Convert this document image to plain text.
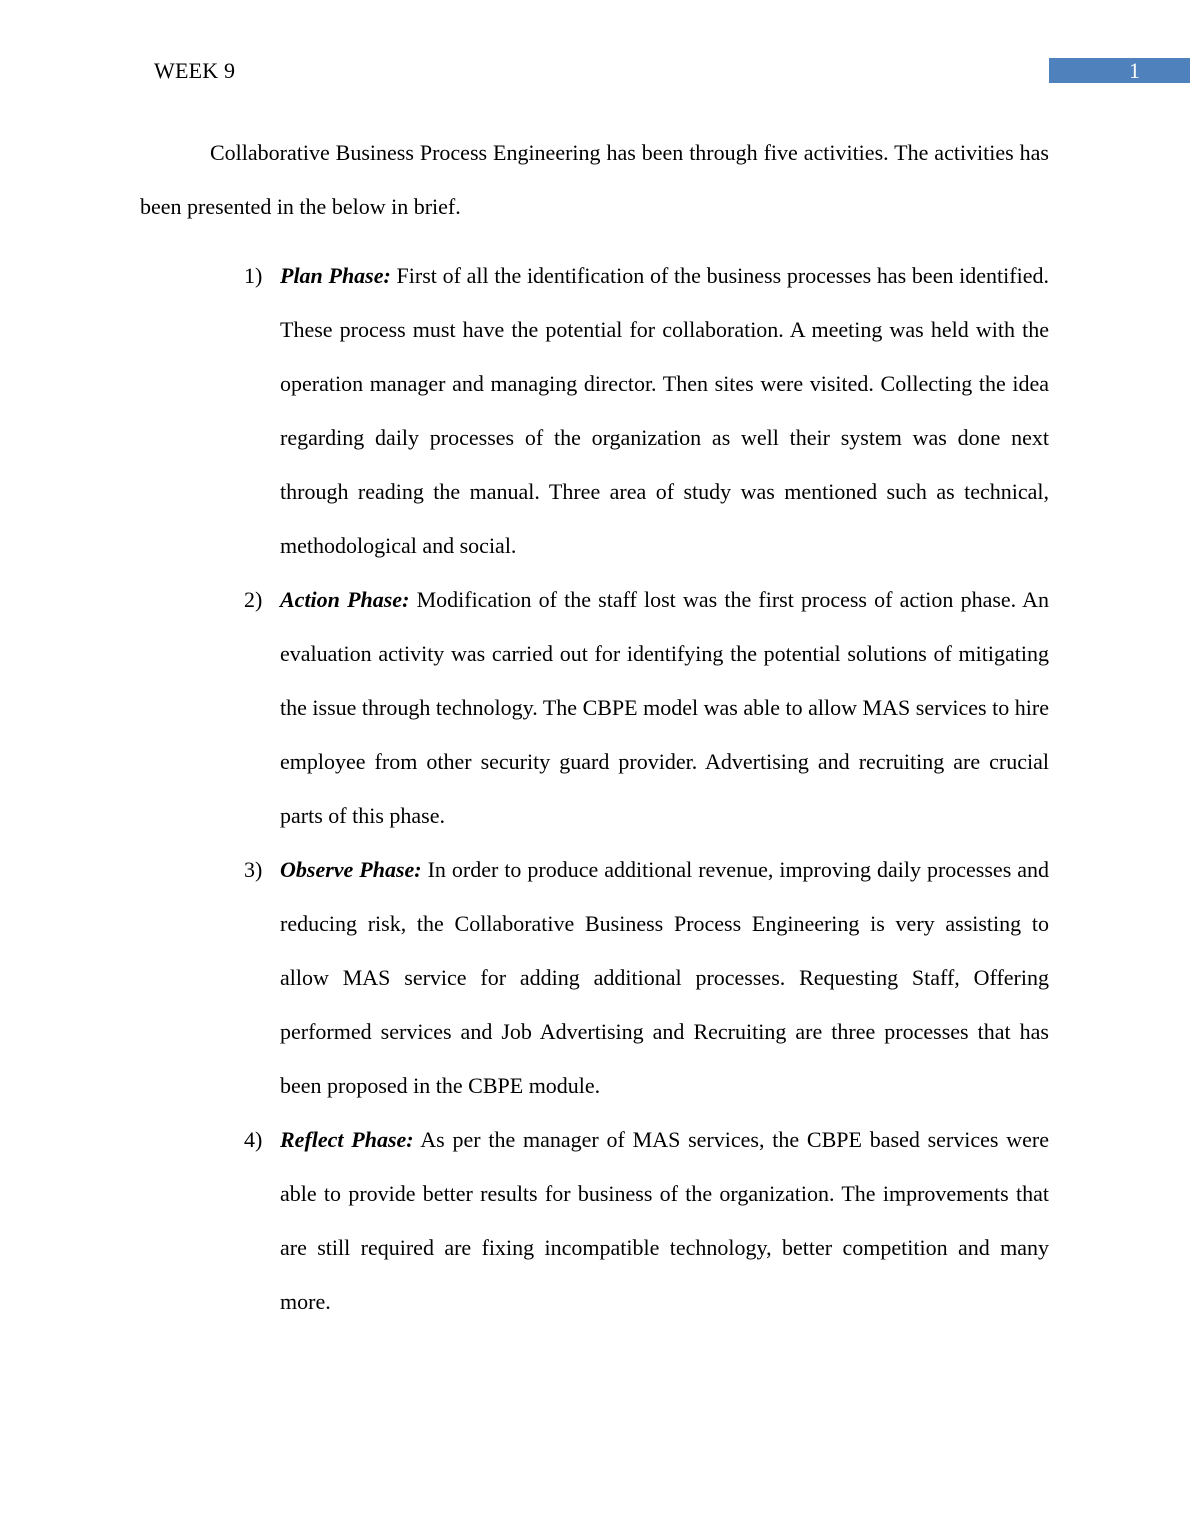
WEEK 9	1

Collaborative Business Process Engineering has been through five activities. The activities has been presented in the below in brief.

1) Plan Phase: First of all the identification of the business processes has been identified. These process must have the potential for collaboration. A meeting was held with the operation manager and managing director. Then sites were visited. Collecting the idea regarding daily processes of the organization as well their system was done next through reading the manual. Three area of study was mentioned such as technical, methodological and social.
2) Action Phase: Modification of the staff lost was the first process of action phase. An evaluation activity was carried out for identifying the potential solutions of mitigating the issue through technology. The CBPE model was able to allow MAS services to hire employee from other security guard provider. Advertising and recruiting are crucial parts of this phase.
3) Observe Phase: In order to produce additional revenue, improving daily processes and reducing risk, the Collaborative Business Process Engineering is very assisting to allow MAS service for adding additional processes. Requesting Staff, Offering performed services and Job Advertising and Recruiting are three processes that has been proposed in the CBPE module.
4) Reflect Phase: As per the manager of MAS services, the CBPE based services were able to provide better results for business of the organization. The improvements that are still required are fixing incompatible technology, better competition and many more.
